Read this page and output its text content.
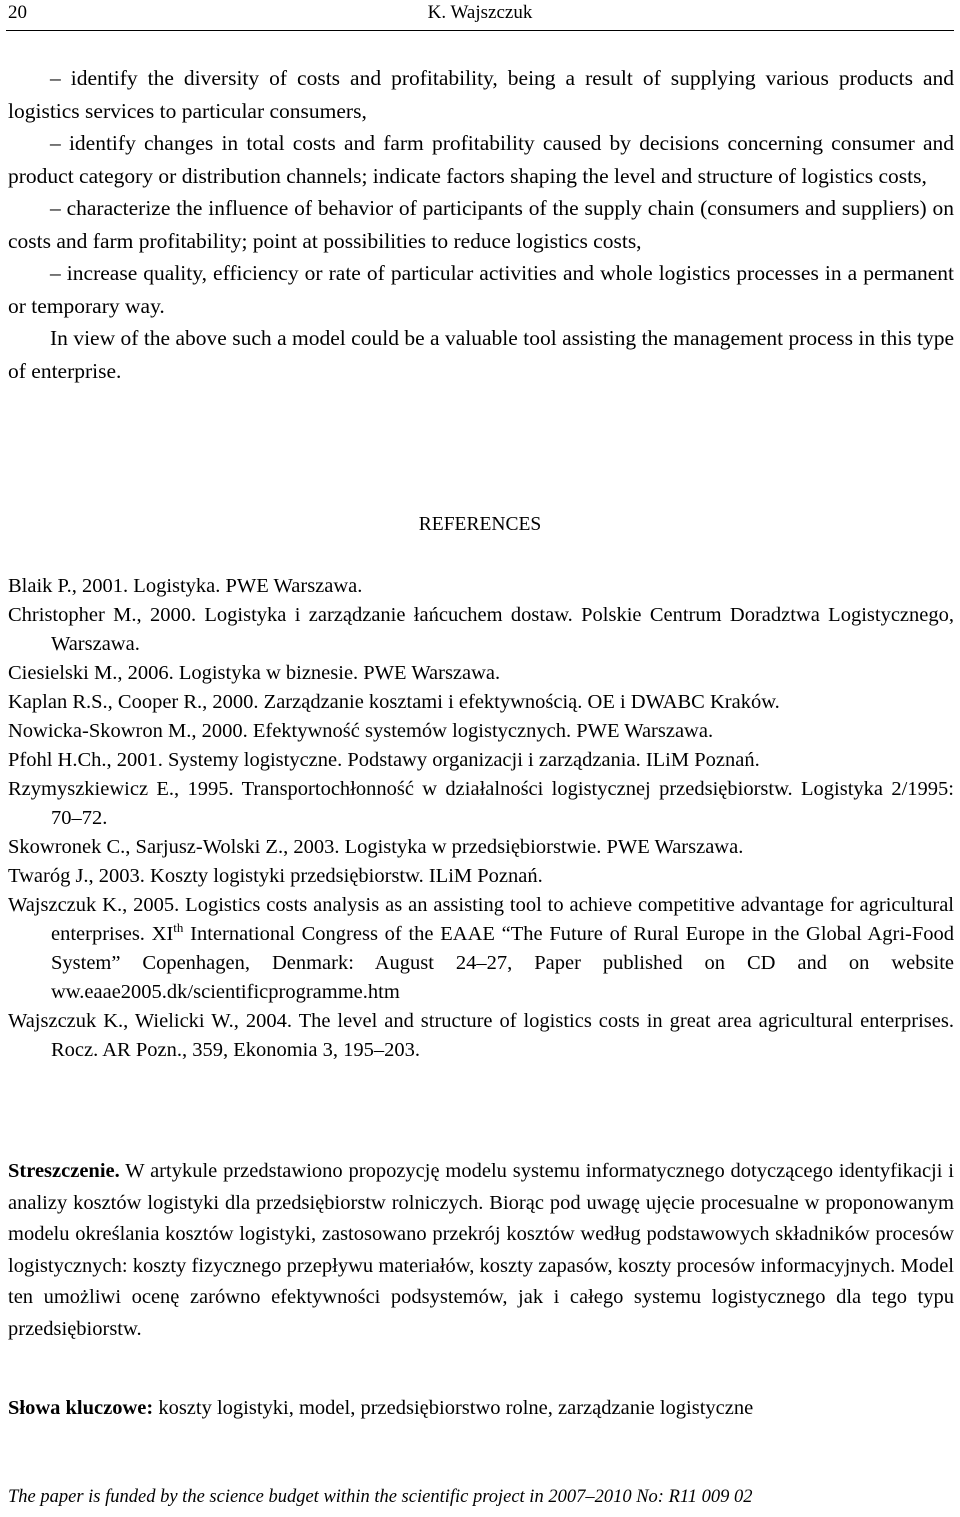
20	K. Wajszczuk

– identify the diversity of costs and profitability, being a result of supplying various products and logistics services to particular consumers,

– identify changes in total costs and farm profitability caused by decisions concerning consumer and product category or distribution channels; indicate factors shaping the level and structure of logistics costs,

– characterize the influence of behavior of participants of the supply chain (consumers and suppliers) on costs and farm profitability; point at possibilities to reduce logistics costs,

– increase quality, efficiency or rate of particular activities and whole logistics processes in a permanent or temporary way.

In view of the above such a model could be a valuable tool assisting the management process in this type of enterprise.

REFERENCES
Blaik P., 2001. Logistyka. PWE Warszawa.
Christopher M., 2000. Logistyka i zarządzanie łańcuchem dostaw. Polskie Centrum Doradztwa Logistycznego, Warszawa.
Ciesielski M., 2006. Logistyka w biznesie. PWE Warszawa.
Kaplan R.S., Cooper R., 2000. Zarządzanie kosztami i efektywnością. OE i DWABC Kraków.
Nowicka-Skowron M., 2000. Efektywność systemów logistycznych. PWE Warszawa.
Pfohl H.Ch., 2001. Systemy logistyczne. Podstawy organizacji i zarządzania. ILiM Poznań.
Rzymyszkiewicz E., 1995. Transportochłonność w działalności logistycznej przedsiębiorstw. Logistyka 2/1995: 70–72.
Skowronek C., Sarjusz-Wolski Z., 2003. Logistyka w przedsiębiorstwie. PWE Warszawa.
Twaróg J., 2003. Koszty logistyki przedsiębiorstw. ILiM Poznań.
Wajszczuk K., 2005. Logistics costs analysis as an assisting tool to achieve competitive advantage for agricultural enterprises. XIth International Congress of the EAAE “The Future of Rural Europe in the Global Agri-Food System” Copenhagen, Denmark: August 24–27, Paper published on CD and on website ww.eaae2005.dk/scientificprogramme.htm
Wajszczuk K., Wielicki W., 2004. The level and structure of logistics costs in great area agricultural enterprises. Rocz. AR Pozn., 359, Ekonomia 3, 195–203.

Streszczenie. W artykule przedstawiono propozycję modelu systemu informatycznego dotyczącego identyfikacji i analizy kosztów logistyki dla przedsiębiorstw rolniczych. Biorąc pod uwagę ujęcie procesualne w proponowanym modelu określania kosztów logistyki, zastosowano przekrój kosztów według podstawowych składników procesów logistycznych: koszty fizycznego przepływu materiałów, koszty zapasów, koszty procesów informacyjnych. Model ten umożliwi ocenę zarówno efektywności podsystemów, jak i całego systemu logistycznego dla tego typu przedsiębiorstw.

Słowa kluczowe: koszty logistyki, model, przedsiębiorstwo rolne, zarządzanie logistyczne

The paper is funded by the science budget within the scientific project in 2007–2010 No: R11 009 02
